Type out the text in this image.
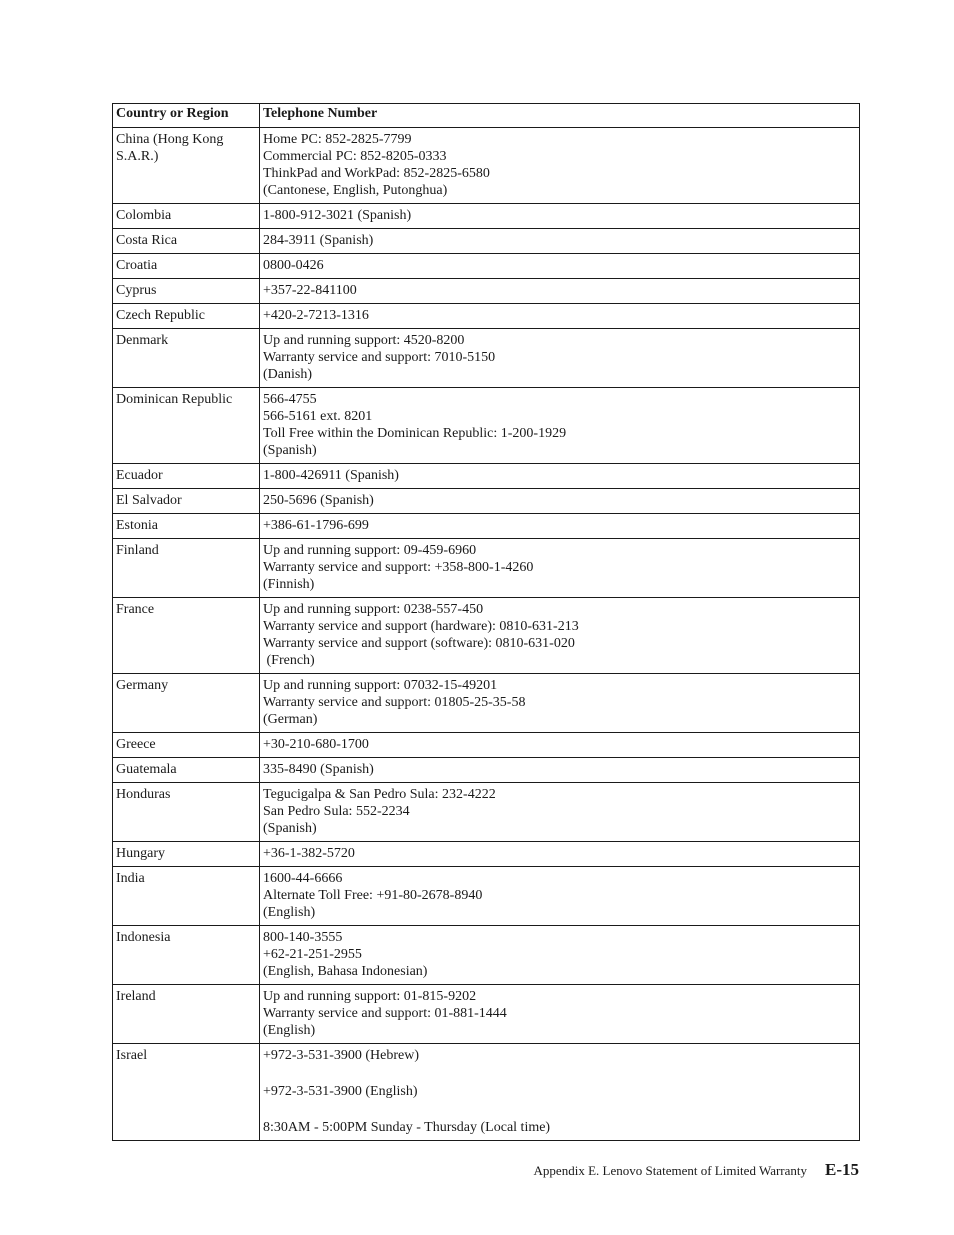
Country or Region	Telephone Number

China (Hong Kong S.A.R.)	Home PC: 852-2825-7799
Commercial PC: 852-8205-0333
ThinkPad and WorkPad: 852-2825-6580
(Cantonese, English, Putonghua)

Colombia	1-800-912-3021 (Spanish)

Costa Rica	284-3911 (Spanish)

Croatia	0800-0426

Cyprus	+357-22-841100

Czech Republic	+420-2-7213-1316

Denmark	Up and running support: 4520-8200
Warranty service and support: 7010-5150
(Danish)

Dominican Republic	566-4755
566-5161 ext. 8201
Toll Free within the Dominican Republic: 1-200-1929
(Spanish)

Ecuador	1-800-426911 (Spanish)

El Salvador	250-5696 (Spanish)

Estonia	+386-61-1796-699

Finland	Up and running support: 09-459-6960
Warranty service and support: +358-800-1-4260
(Finnish)

France	Up and running support: 0238-557-450
Warranty service and support (hardware): 0810-631-213
Warranty service and support (software): 0810-631-020
(French)

Germany	Up and running support: 07032-15-49201
Warranty service and support: 01805-25-35-58
(German)

Greece	+30-210-680-1700

Guatemala	335-8490 (Spanish)

Honduras	Tegucigalpa & San Pedro Sula: 232-4222
San Pedro Sula: 552-2234
(Spanish)

Hungary	+36-1-382-5720

India	1600-44-6666
Alternate Toll Free: +91-80-2678-8940
(English)

Indonesia	800-140-3555
+62-21-251-2955
(English, Bahasa Indonesian)

Ireland	Up and running support: 01-815-9202
Warranty service and support: 01-881-1444
(English)

Israel	+972-3-531-3900 (Hebrew)
+972-3-531-3900 (English)
8:30AM - 5:00PM Sunday - Thursday (Local time)
Appendix E. Lenovo Statement of Limited Warranty E-15
